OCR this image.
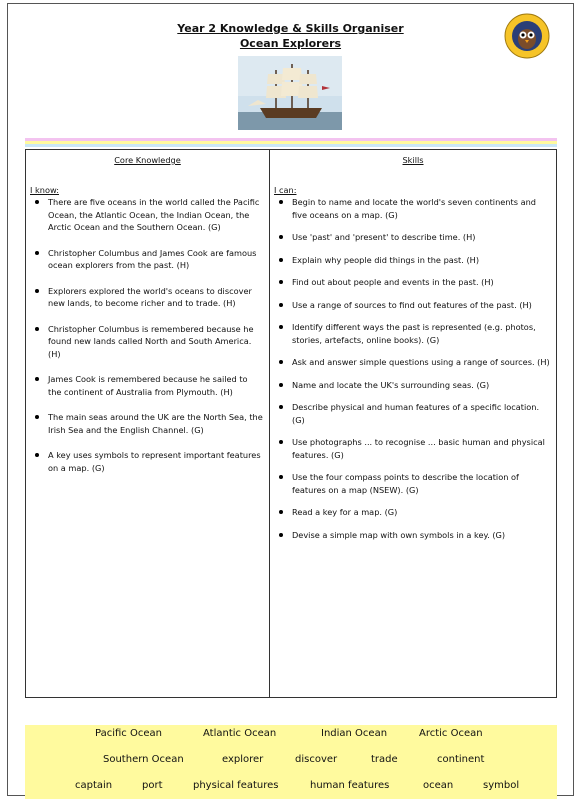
Year 2 Knowledge & Skills Organiser
Ocean Explorers
Core Knowledge
I know:
There are five oceans in the world called the Pacific Ocean, the Atlantic Ocean, the Indian Ocean, the Arctic Ocean and the Southern Ocean. (G)
Christopher Columbus and James Cook are famous ocean explorers from the past. (H)
Explorers explored the world's oceans to discover new lands, to become richer and to trade. (H)
Christopher Columbus is remembered because he found new lands called North and South America. (H)
James Cook is remembered because he sailed to the continent of Australia from Plymouth. (H)
The main seas around the UK are the North Sea, the Irish Sea and the English Channel. (G)
A key uses symbols to represent important features on a map. (G)
Skills
I can:
Begin to name and locate the world's seven continents and five oceans on a map. (G)
Use 'past' and 'present' to describe time. (H)
Explain why people did things in the past. (H)
Find out about people and events in the past. (H)
Use a range of sources to find out features of the past. (H)
Identify different ways the past is represented (e.g. photos, stories, artefacts, online books). (G)
Ask and answer simple questions using a range of sources. (H)
Name and locate the UK's surrounding seas. (G)
Describe physical and human features of a specific location. (G)
Use photographs ... to recognise ... basic human and physical features. (G)
Use the four compass points to describe the location of features on a map (NSEW). (G)
Read a key for a map. (G)
Devise a simple map with own symbols in a key. (G)
Pacific Ocean	Atlantic Ocean	Indian Ocean	Arctic Ocean
Southern Ocean	explorer	discover	trade	continent
captain	port	physical features	human features	ocean	symbol
